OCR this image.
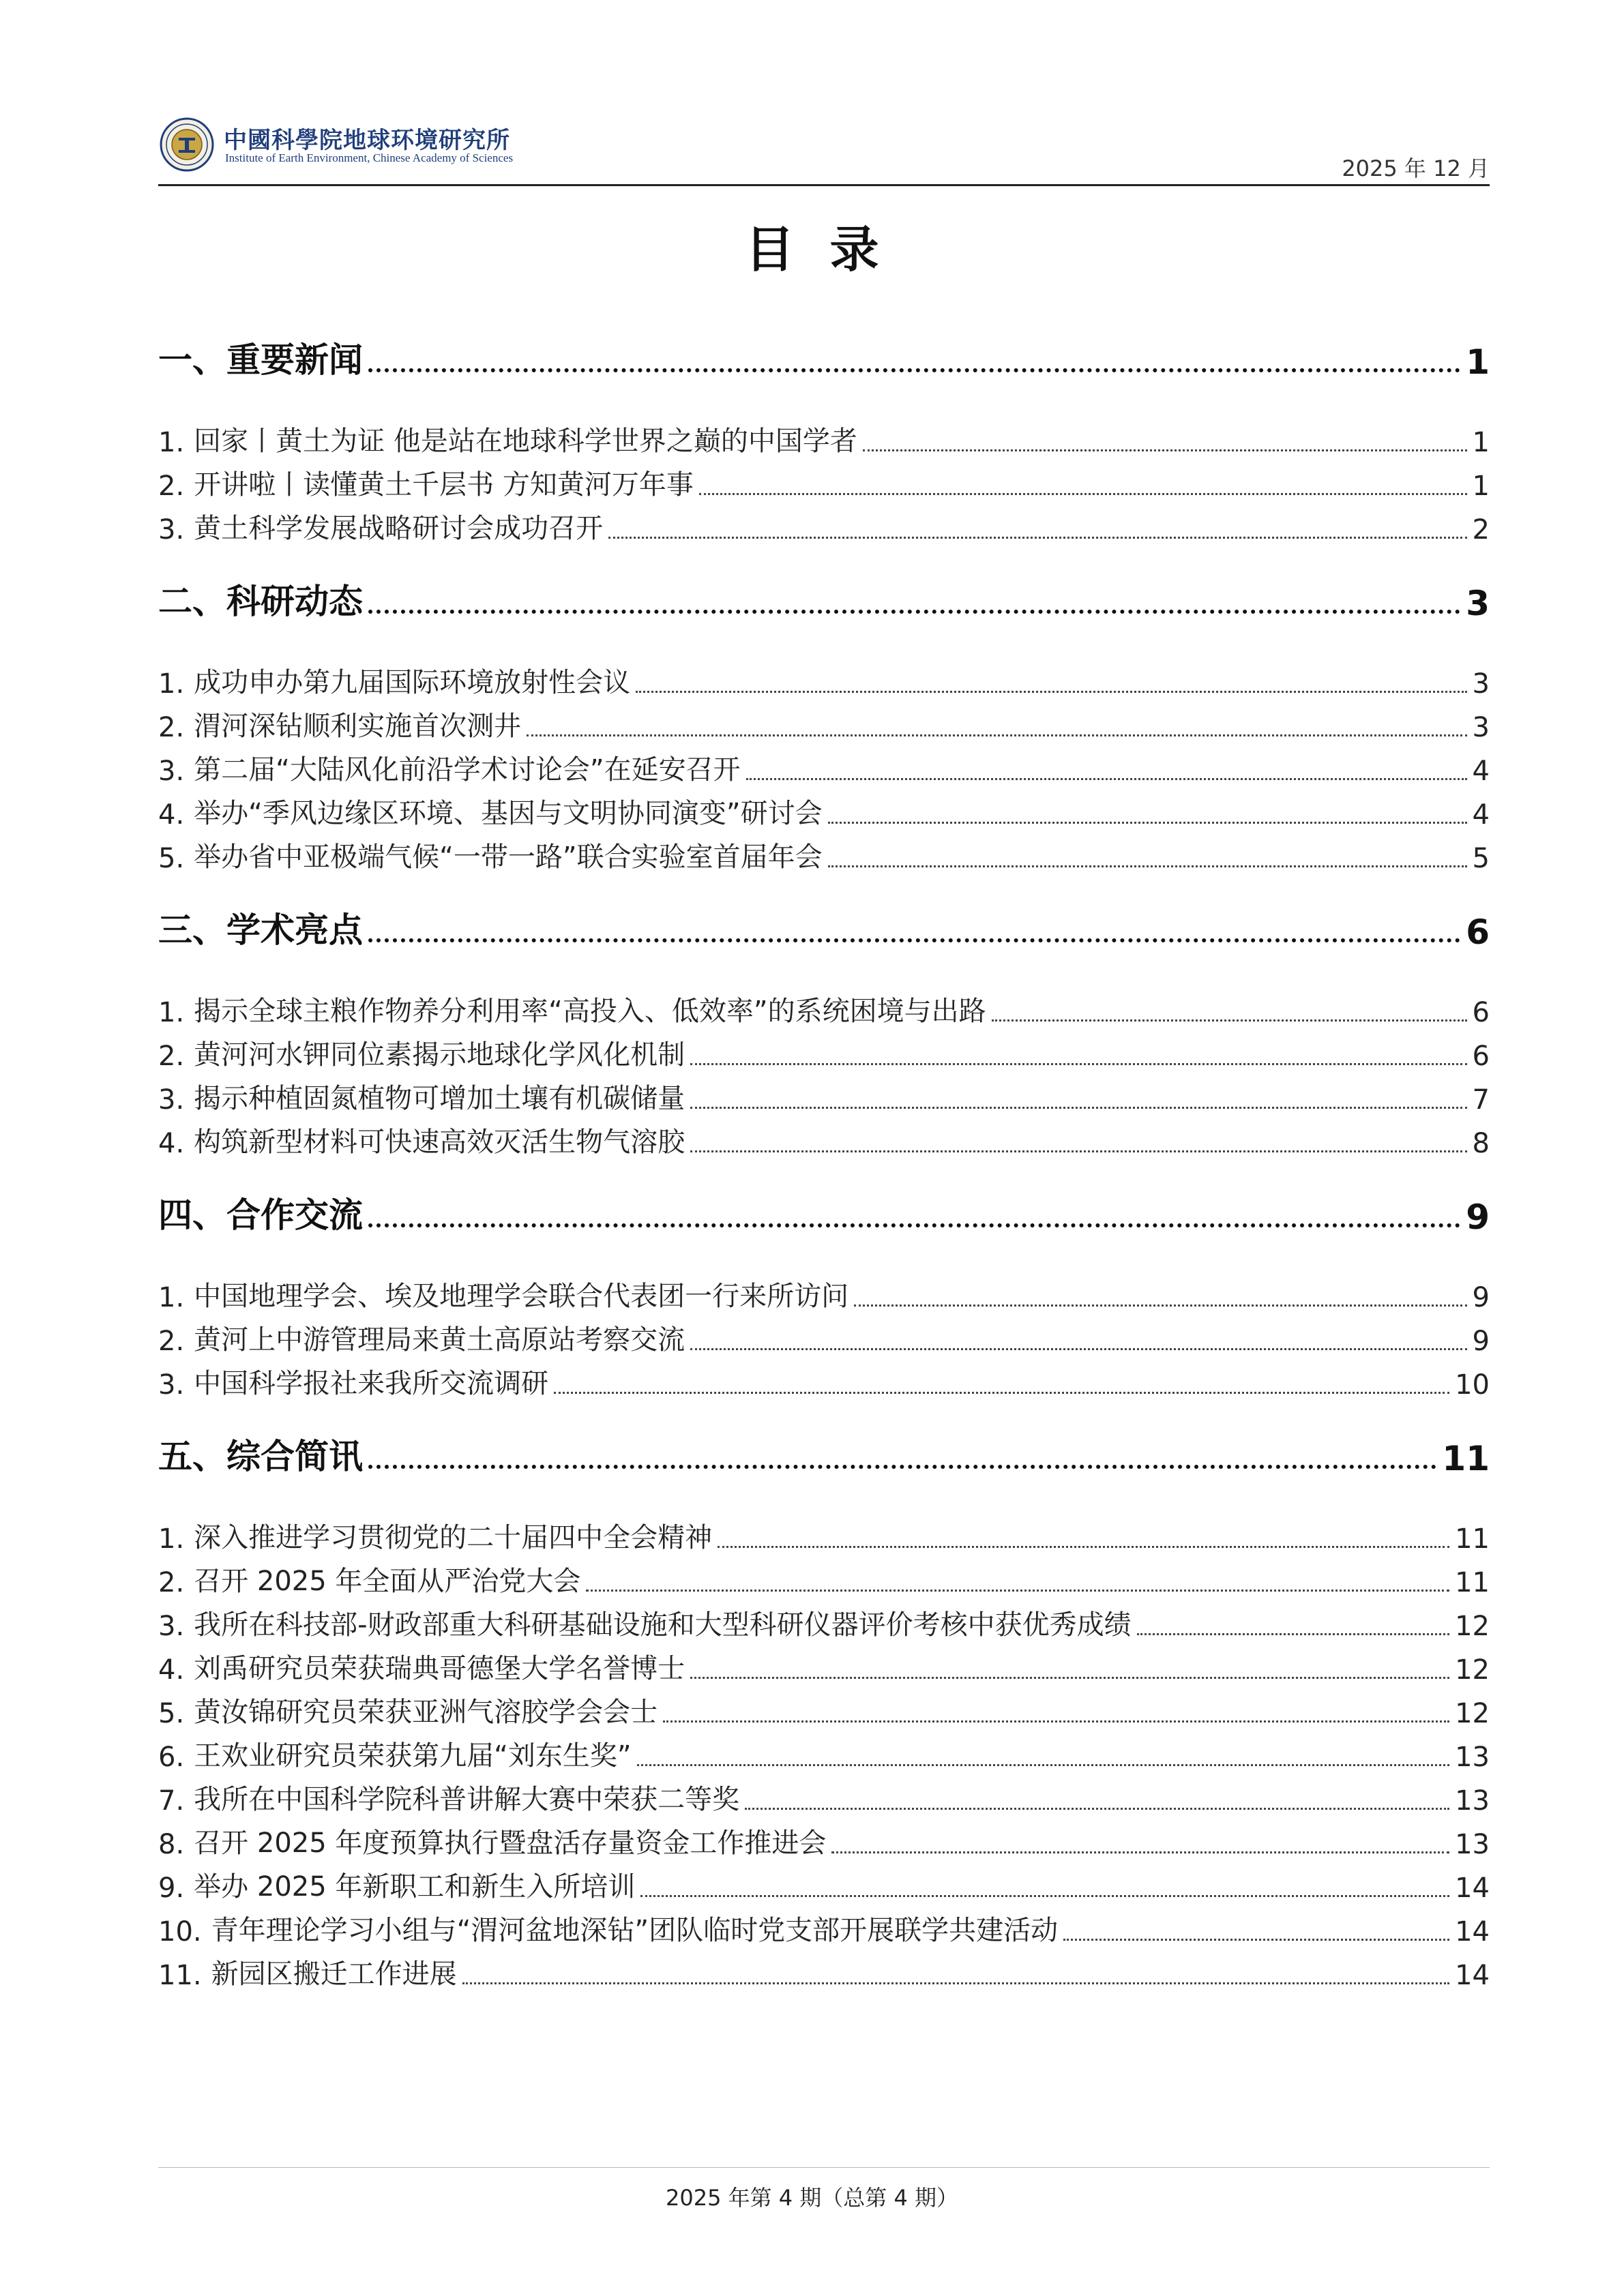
中國科學院地球环境研究所
Institute of Earth Environment, Chinese Academy of Sciences	2025 年 12 月
目录
一、 重要新闻	1
1. 回家丨黄土为证 他是站在地球科学世界之巅的中国学者	1
2. 开讲啦丨读懂黄土千层书 方知黄河万年事	1
3. 黄土科学发展战略研讨会成功召开	2
二、 科研动态	3
1. 成功申办第九届国际环境放射性会议	3
2. 渭河深钻顺利实施首次测井	3
3. 第二届“大陆风化前沿学术讨论会”在延安召开	4
4. 举办“季风边缘区环境、基因与文明协同演变”研讨会	4
5. 举办省中亚极端气候“一带一路”联合实验室首届年会	5
三、 学术亮点	6
1. 揭示全球主粮作物养分利用率“高投入、低效率”的系统困境与出路	6
2. 黄河河水钾同位素揭示地球化学风化机制	6
3. 揭示种植固氮植物可增加土壤有机碳储量	7
4. 构筑新型材料可快速高效灭活生物气溶胶	8
四、 合作交流	9
1. 中国地理学会、埃及地理学会联合代表团一行来所访问	9
2. 黄河上中游管理局来黄土高原站考察交流	9
3. 中国科学报社来我所交流调研	10
五、 综合简讯	11
1. 深入推进学习贯彻党的二十届四中全会精神	11
2. 召开 2025 年全面从严治党大会	11
3. 我所在科技部-财政部重大科研基础设施和大型科研仪器评价考核中获优秀成绩	12
4. 刘禹研究员荣获瑞典哥德堡大学名誉博士	12
5. 黄汝锦研究员荣获亚洲气溶胶学会会士	12
6. 王欢业研究员荣获第九届“刘东生奖”	13
7. 我所在中国科学院科普讲解大赛中荣获二等奖	13
8. 召开 2025 年度预算执行暨盘活存量资金工作推进会	13
9. 举办 2025 年新职工和新生入所培训	14
10. 青年理论学习小组与“渭河盆地深钻”团队临时党支部开展联学共建活动	14
11. 新园区搬迁工作进展	14
2025 年第 4 期（总第 4 期）
